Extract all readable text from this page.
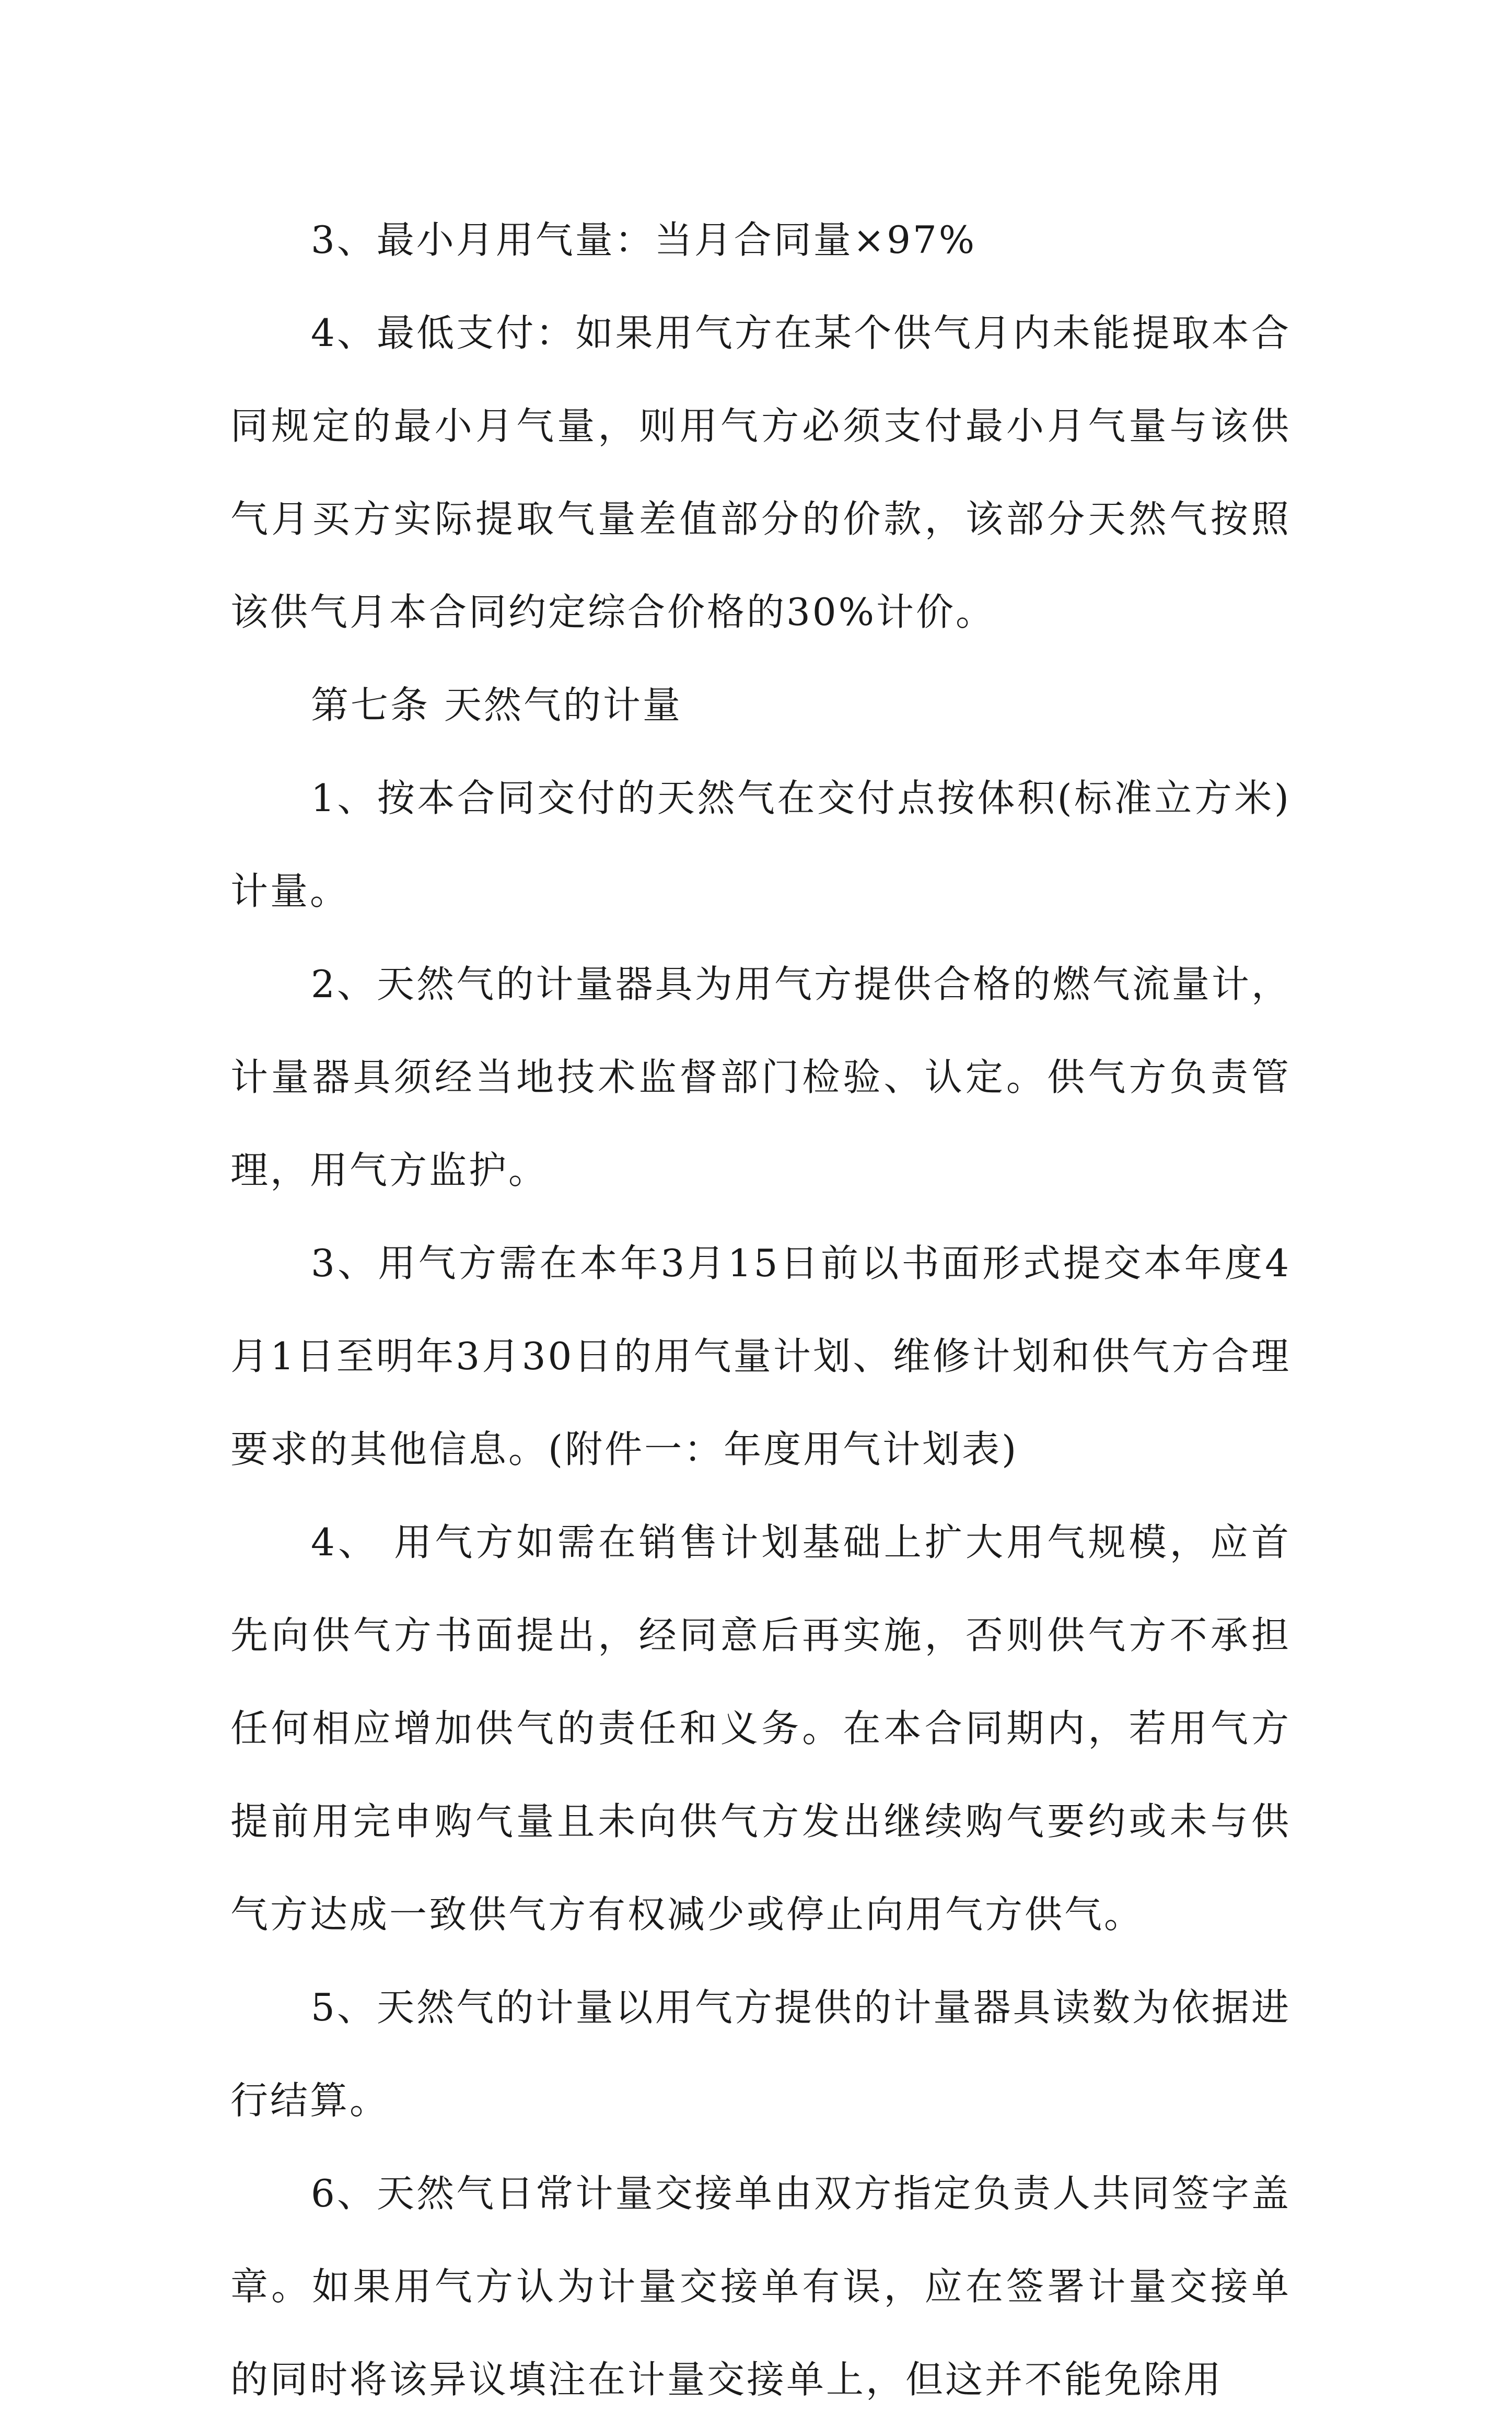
3、最小月用气量：当月合同量×97%

4、最低支付：如果用气方在某个供气月内未能提取本合同规定的最小月气量，则用气方必须支付最小月气量与该供气月买方实际提取气量差值部分的价款，该部分天然气按照该供气月本合同约定综合价格的30%计价。

第七条 天然气的计量

1、按本合同交付的天然气在交付点按体积(标准立方米)计量。

2、天然气的计量器具为用气方提供合格的燃气流量计，计量器具须经当地技术监督部门检验、认定。供气方负责管理，用气方监护。

3、用气方需在本年3月15日前以书面形式提交本年度4月1日至明年3月30日的用气量计划、维修计划和供气方合理要求的其他信息。(附件一：年度用气计划表)

4、 用气方如需在销售计划基础上扩大用气规模，应首先向供气方书面提出，经同意后再实施，否则供气方不承担任何相应增加供气的责任和义务。在本合同期内，若用气方提前用完申购气量且未向供气方发出继续购气要约或未与供气方达成一致供气方有权减少或停止向用气方供气。

5、天然气的计量以用气方提供的计量器具读数为依据进行结算。

6、天然气日常计量交接单由双方指定负责人共同签字盖章。如果用气方认为计量交接单有误，应在签署计量交接单的同时将该异议填注在计量交接单上，但这并不能免除用
